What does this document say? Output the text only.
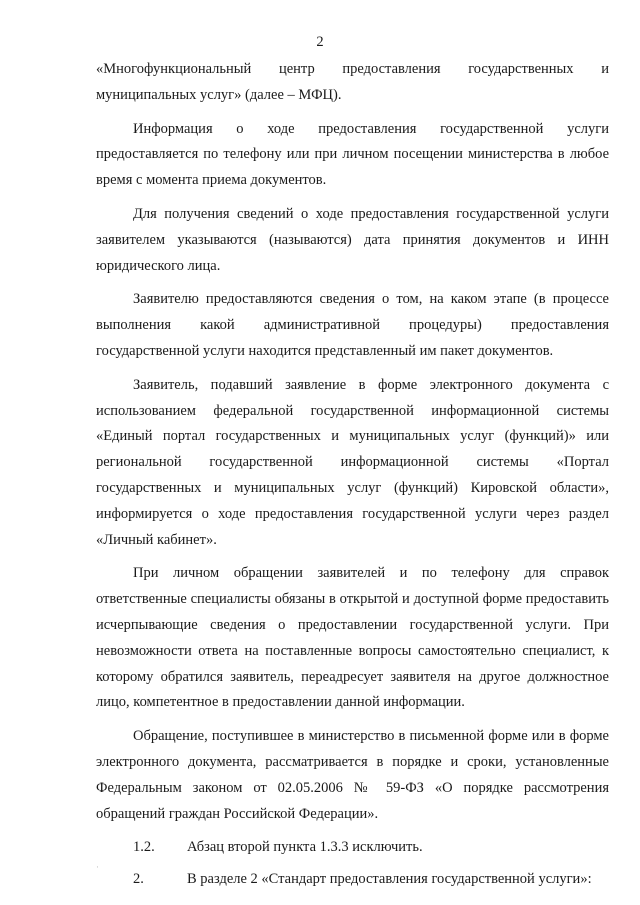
2

«Многофункциональный центр предоставления государственных и муниципальных услуг» (далее – МФЦ).

Информация о ходе предоставления государственной услуги предоставляется по телефону или при личном посещении министерства в любое время с момента приема документов.

Для получения сведений о ходе предоставления государственной услуги заявителем указываются (называются) дата принятия документов и ИНН юридического лица.

Заявителю предоставляются сведения о том, на каком этапе (в процессе выполнения какой административной процедуры) предоставления государственной услуги находится представленный им пакет документов.

Заявитель, подавший заявление в форме электронного документа с использованием федеральной государственной информационной системы «Единый портал государственных и муниципальных услуг (функций)» или региональной государственной информационной системы «Портал государственных и муниципальных услуг (функций) Кировской области», информируется о ходе предоставления государственной услуги через раздел «Личный кабинет».

При личном обращении заявителей и по телефону для справок ответственные специалисты обязаны в открытой и доступной форме предоставить исчерпывающие сведения о предоставлении государственной услуги. При невозможности ответа на поставленные вопросы самостоятельно специалист, к которому обратился заявитель, переадресует заявителя на другое должностное лицо, компетентное в предоставлении данной информации.

Обращение, поступившее в министерство в письменной форме или в форме электронного документа, рассматривается в порядке и сроки, установленные Федеральным законом от 02.05.2006 № 59-ФЗ «О порядке рассмотрения обращений граждан Российской Федерации».

1.2.	Абзац второй пункта 1.3.3 исключить.
2.	В разделе 2 «Стандарт предоставления государственной услуги»:
·
